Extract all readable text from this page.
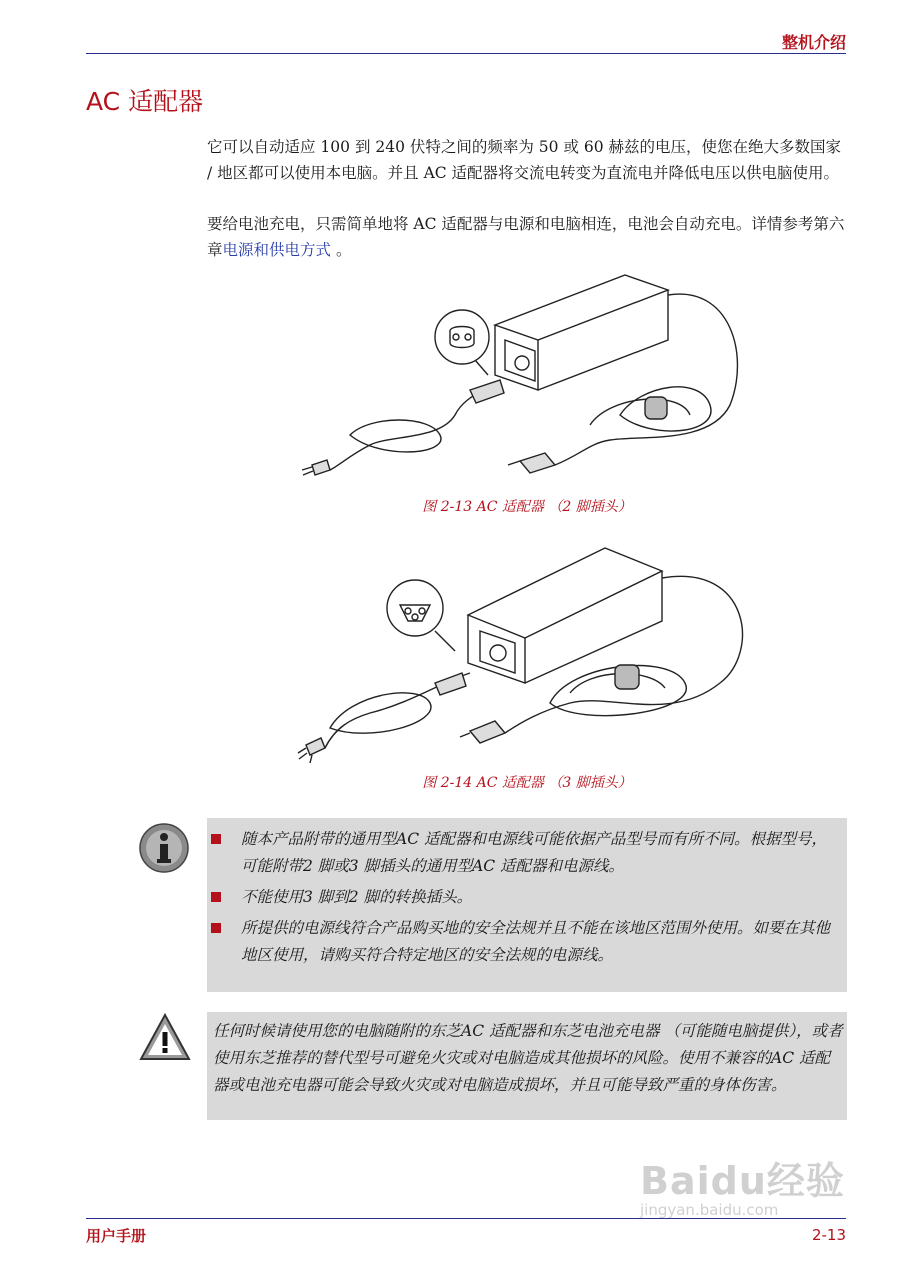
整机介绍
AC 适配器
它可以自动适应 100 到 240 伏特之间的频率为 50 或 60 赫兹的电压，使您在绝大多数国家 / 地区都可以使用本电脑。并且 AC 适配器将交流电转变为直流电并降低电压以供电脑使用。
要给电池充电，只需简单地将 AC 适配器与电源和电脑相连，电池会自动充电。详情参考第六章电源和供电方式 。
图 2-13 AC 适配器 （2 脚插头）
图 2-14 AC 适配器 （3 脚插头）
随本产品附带的通用型AC 适配器和电源线可能依据产品型号而有所不同。根据型号，可能附带2 脚或3 脚插头的通用型AC 适配器和电源线。
不能使用3 脚到2 脚的转换插头。
所提供的电源线符合产品购买地的安全法规并且不能在该地区范围外使用。如要在其他地区使用，请购买符合特定地区的安全法规的电源线。
任何时候请使用您的电脑随附的东芝AC 适配器和东芝电池充电器 （可能随电脑提供），或者使用东芝推荐的替代型号可避免火灾或对电脑造成其他损坏的风险。使用不兼容的AC 适配器或电池充电器可能会导致火灾或对电脑造成损坏，并且可能导致严重的身体伤害。
用户手册	2-13
Baidu经验
jingyan.baidu.com
